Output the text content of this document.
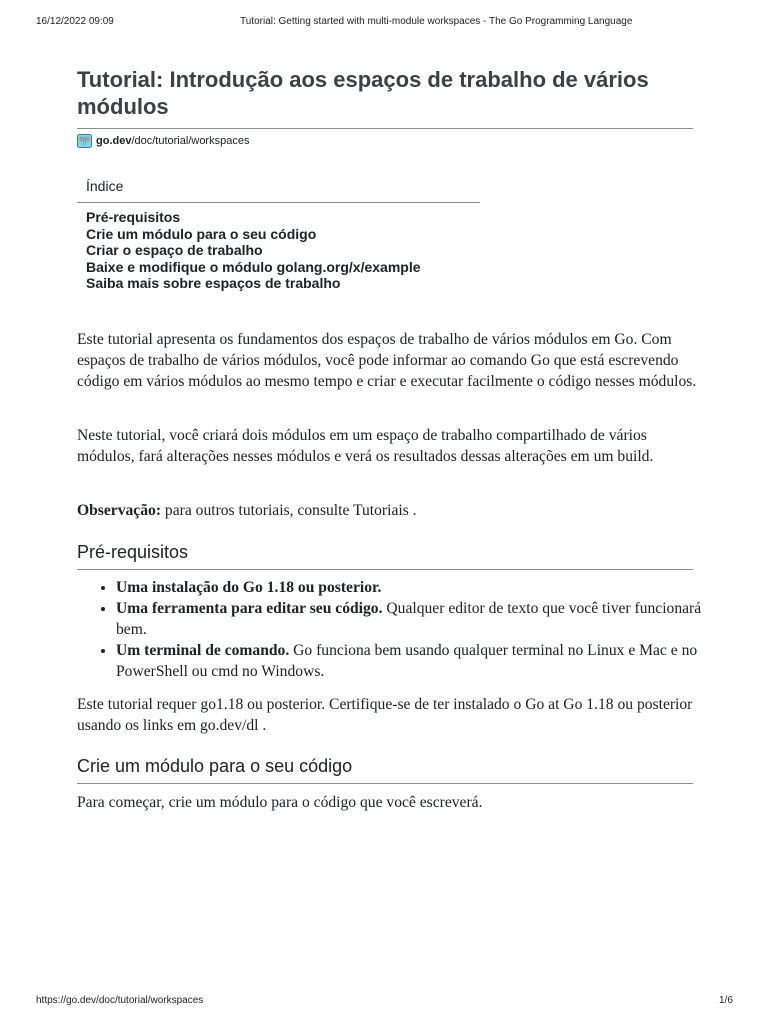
16/12/2022 09:09	Tutorial: Getting started with multi-module workspaces - The Go Programming Language
Tutorial: Introdução aos espaços de trabalho de vários módulos
go.dev /doc/tutorial/workspaces
Índice
Pré-requisitos
Crie um módulo para o seu código
Criar o espaço de trabalho
Baixe e modifique o módulo golang.org/x/example
Saiba mais sobre espaços de trabalho

Este tutorial apresenta os fundamentos dos espaços de trabalho de vários módulos em Go. Com espaços de trabalho de vários módulos, você pode informar ao comando Go que está escrevendo código em vários módulos ao mesmo tempo e criar e executar facilmente o código nesses módulos.

Neste tutorial, você criará dois módulos em um espaço de trabalho compartilhado de vários módulos, fará alterações nesses módulos e verá os resultados dessas alterações em um build.

Observação: para outros tutoriais, consulte Tutoriais .

Pré-requisitos
• Uma instalação do Go 1.18 ou posterior.
• Uma ferramenta para editar seu código. Qualquer editor de texto que você tiver funcionará bem.
• Um terminal de comando. Go funciona bem usando qualquer terminal no Linux e Mac e no PowerShell ou cmd no Windows.

Este tutorial requer go1.18 ou posterior. Certifique-se de ter instalado o Go at Go 1.18 ou posterior usando os links em go.dev/dl .

Crie um módulo para o seu código

Para começar, crie um módulo para o código que você escreverá.

https://go.dev/doc/tutorial/workspaces	1/6
